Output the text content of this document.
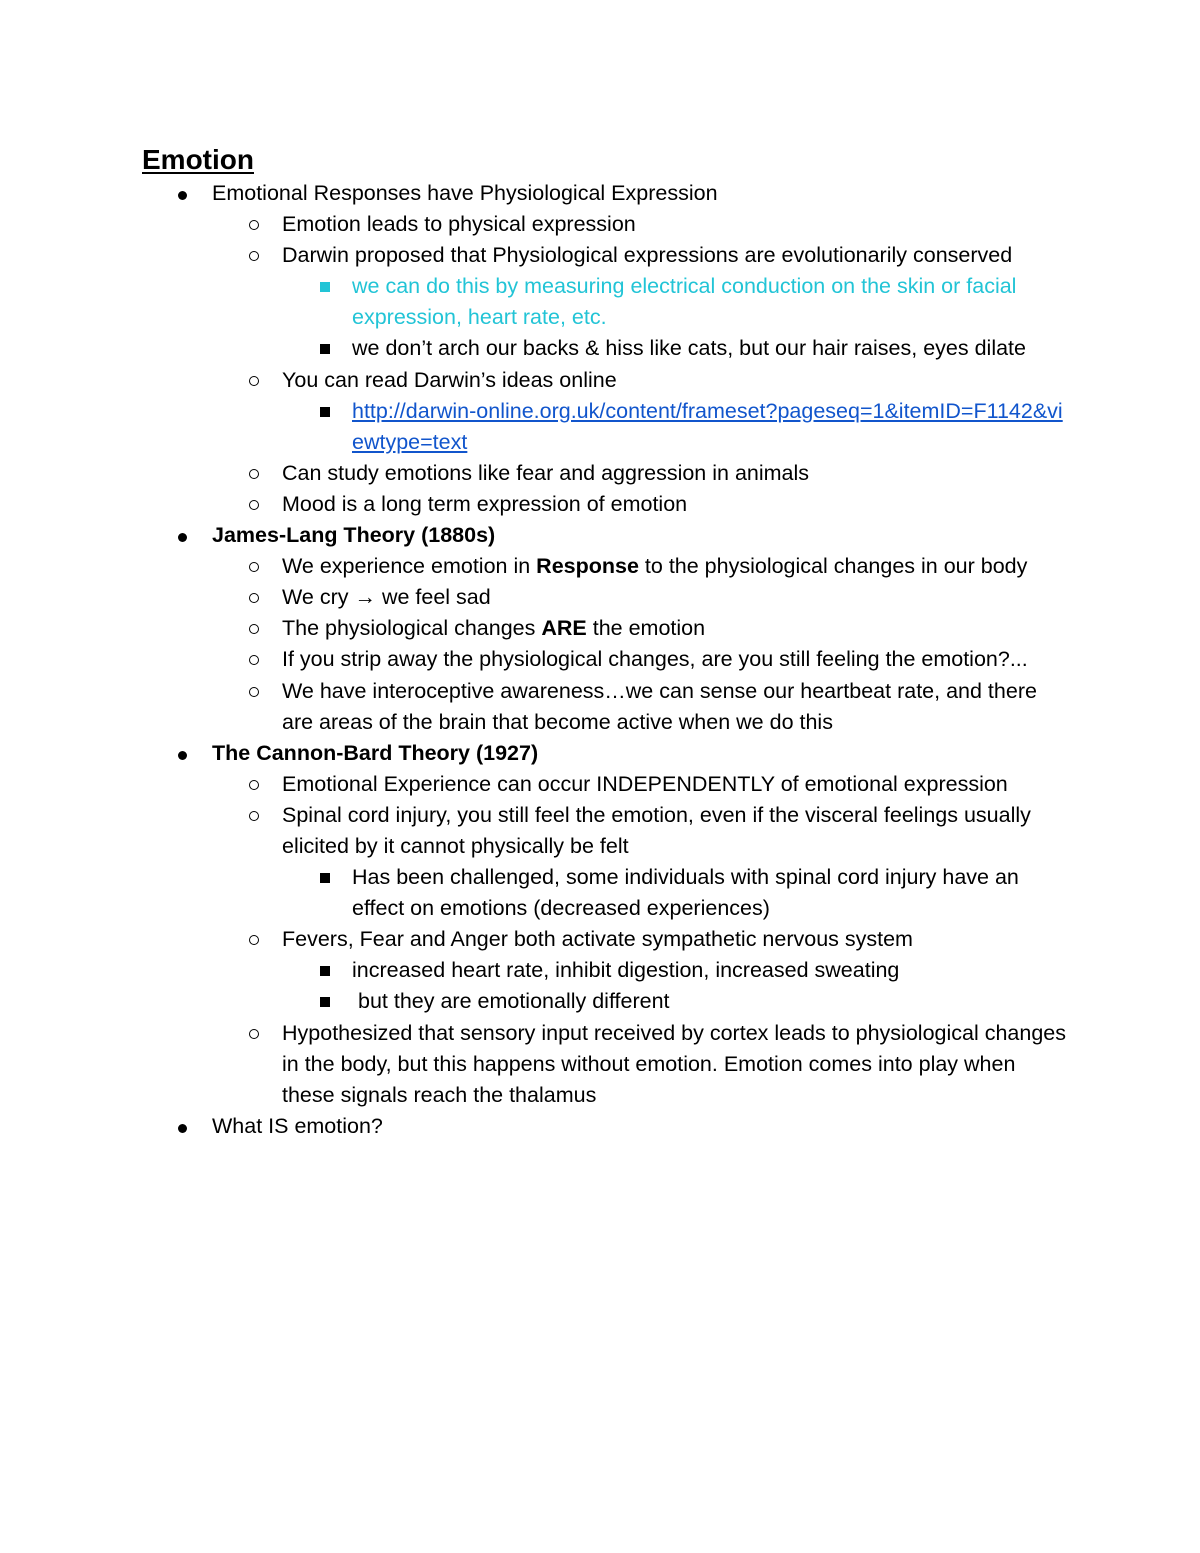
Emotion
Emotional Responses have Physiological Expression
Emotion leads to physical expression
Darwin proposed that Physiological expressions are evolutionarily conserved
we can do this by measuring electrical conduction on the skin or facial expression, heart rate, etc.
we don’t arch our backs & hiss like cats, but our hair raises, eyes dilate
You can read Darwin’s ideas online
http://darwin-online.org.uk/content/frameset?pageseq=1&itemID=F1142&viewtype=text
Can study emotions like fear and aggression in animals
Mood is a long term expression of emotion
James-Lang Theory (1880s)
We experience emotion in Response to the physiological changes in our body
We cry → we feel sad
The physiological changes ARE the emotion
If you strip away the physiological changes, are you still feeling the emotion?...
We have interoceptive awareness…we can sense our heartbeat rate, and there are areas of the brain that become active when we do this
The Cannon-Bard Theory (1927)
Emotional Experience can occur INDEPENDENTLY of emotional expression
Spinal cord injury, you still feel the emotion, even if the visceral feelings usually elicited by it cannot physically be felt
Has been challenged, some individuals with spinal cord injury have an effect on emotions (decreased experiences)
Fevers, Fear and Anger both activate sympathetic nervous system
increased heart rate, inhibit digestion, increased sweating
but they are emotionally different
Hypothesized that sensory input received by cortex leads to physiological changes in the body, but this happens without emotion. Emotion comes into play when these signals reach the thalamus
What IS emotion?
